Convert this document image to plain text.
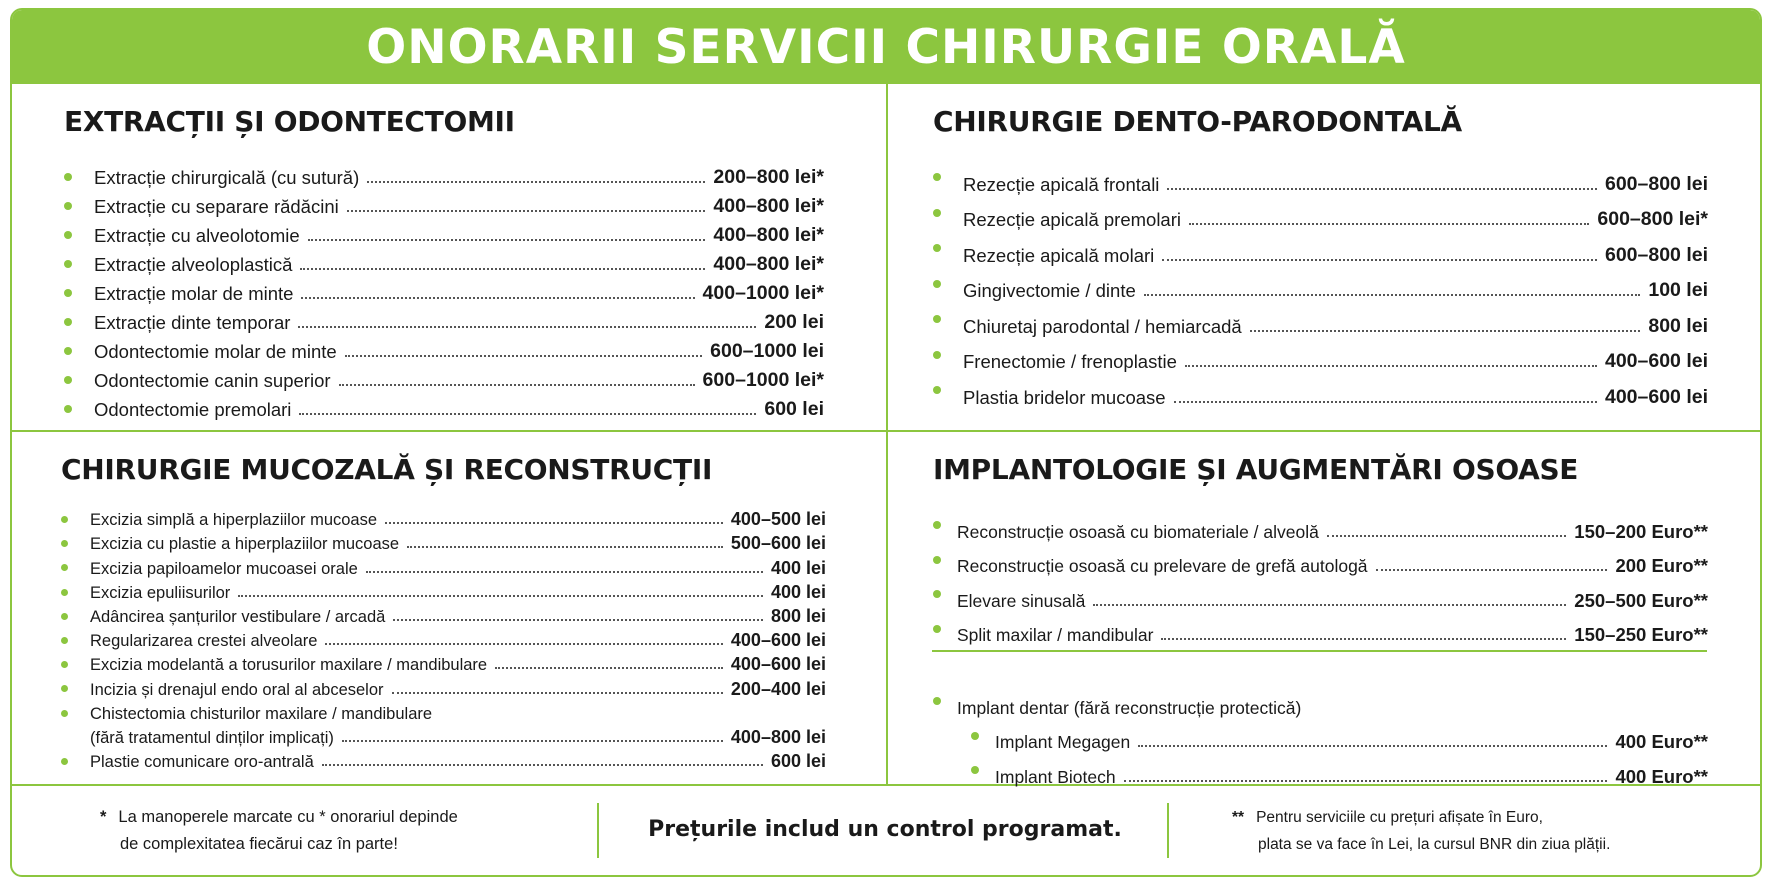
ONORARII SERVICII CHIRURGIE ORALĂ
EXTRACȚII ȘI ODONTECTOMII
Extracție chirurgicală (cu sutură)	200–800 lei*
Extracție cu separare rădăcini	400–800 lei*
Extracție cu alveolotomie	400–800 lei*
Extracție alveoloplastică	400–800 lei*
Extracție molar de minte	400–1000 lei*
Extracție dinte temporar	200 lei
Odontectomie molar de minte	600–1000 lei
Odontectomie canin superior	600–1000 lei*
Odontectomie premolari	600 lei
CHIRURGIE DENTO-PARODONTALĂ
Rezecție apicală frontali	600–800 lei
Rezecție apicală premolari	600–800 lei*
Rezecție apicală molari	600–800 lei
Gingivectomie / dinte	100 lei
Chiuretaj parodontal / hemiarcadă	800 lei
Frenectomie / frenoplastie	400–600 lei
Plastia bridelor mucoase	400–600 lei
CHIRURGIE MUCOZALĂ ȘI RECONSTRUCȚII
Excizia simplă a hiperplaziilor mucoase	400–500 lei
Excizia cu plastie a hiperplaziilor mucoase	500–600 lei
Excizia papiloamelor mucoasei orale	400 lei
Excizia epuliisurilor	400 lei
Adâncirea șanțurilor vestibulare / arcadă	800 lei
Regularizarea crestei alveolare	400–600 lei
Excizia modelantă a torusurilor maxilare / mandibulare	400–600 lei
Incizia și drenajul endo oral al abceselor	200–400 lei
Chistectomia chisturilor maxilare / mandibulare
(fără tratamentul dinților implicați)	400–800 lei
Plastie comunicare oro-antrală	600 lei
IMPLANTOLOGIE ȘI AUGMENTĂRI OSOASE
Reconstrucție osoasă cu biomateriale / alveolă	150–200 Euro**
Reconstrucție osoasă cu prelevare de grefă autologă	200 Euro**
Elevare sinusală	250–500 Euro**
Split maxilar / mandibular	150–250 Euro**
Implant dentar (fără reconstrucție protectică)
Implant Megagen	400 Euro**
Implant Biotech	400 Euro**
* La manoperele marcate cu * onorariul depinde
de complexitatea fiecărui caz în parte!
Prețurile includ un control programat.	** Pentru serviciile cu prețuri afișate în Euro,
plata se va face în Lei, la cursul BNR din ziua plății.
